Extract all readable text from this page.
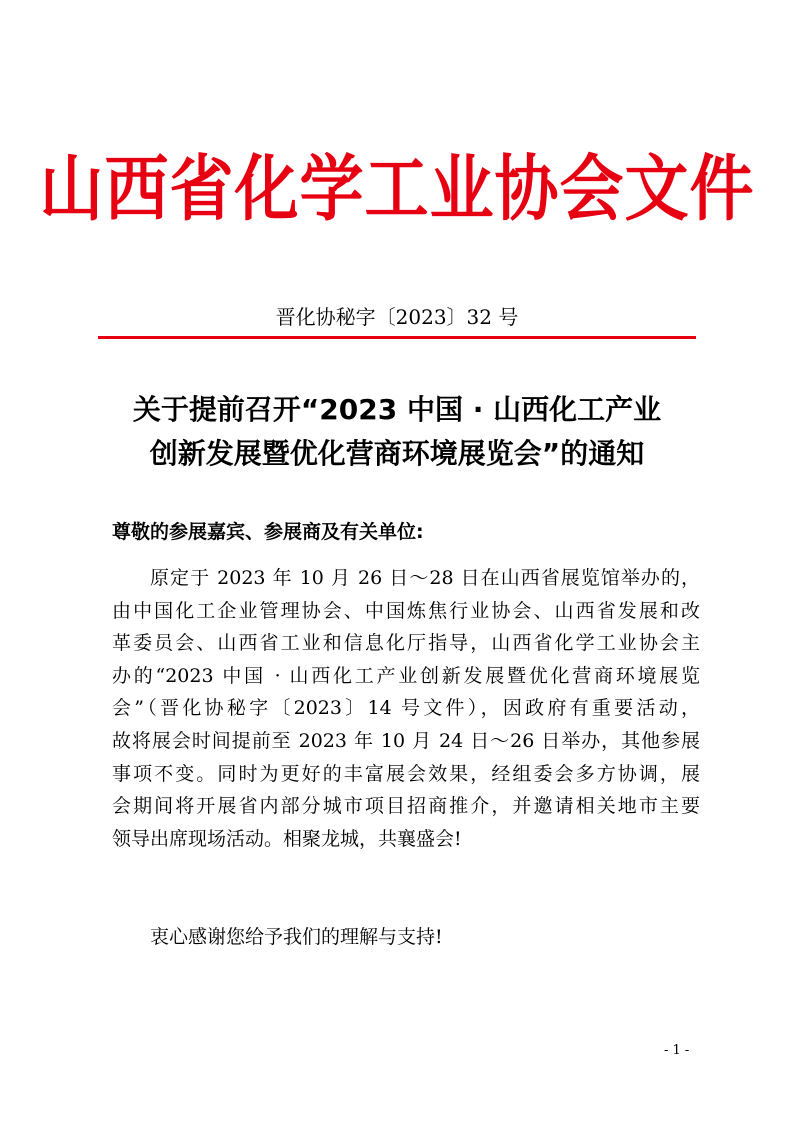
山西省化学工业协会文件
晋化协秘字〔2023〕32 号
关于提前召开“2023 中国 · 山西化工产业
创新发展暨优化营商环境展览会”的通知
尊敬的参展嘉宾、参展商及有关单位:
原定于 2023 年 10 月 26 日～28 日在山西省展览馆举办的，
由中国化工企业管理协会、中国炼焦行业协会、山西省发展和改
革委员会、山西省工业和信息化厅指导，山西省化学工业协会主
办的“2023 中国 · 山西化工产业创新发展暨优化营商环境展览
会”（晋化协秘字〔2023〕14 号文件），因政府有重要活动，
故将展会时间提前至 2023 年 10 月 24 日～26 日举办，其他参展
事项不变。同时为更好的丰富展会效果，经组委会多方协调，展
会期间将开展省内部分城市项目招商推介，并邀请相关地市主要
领导出席现场活动。相聚龙城，共襄盛会!
衷心感谢您给予我们的理解与支持!
- 1 -
